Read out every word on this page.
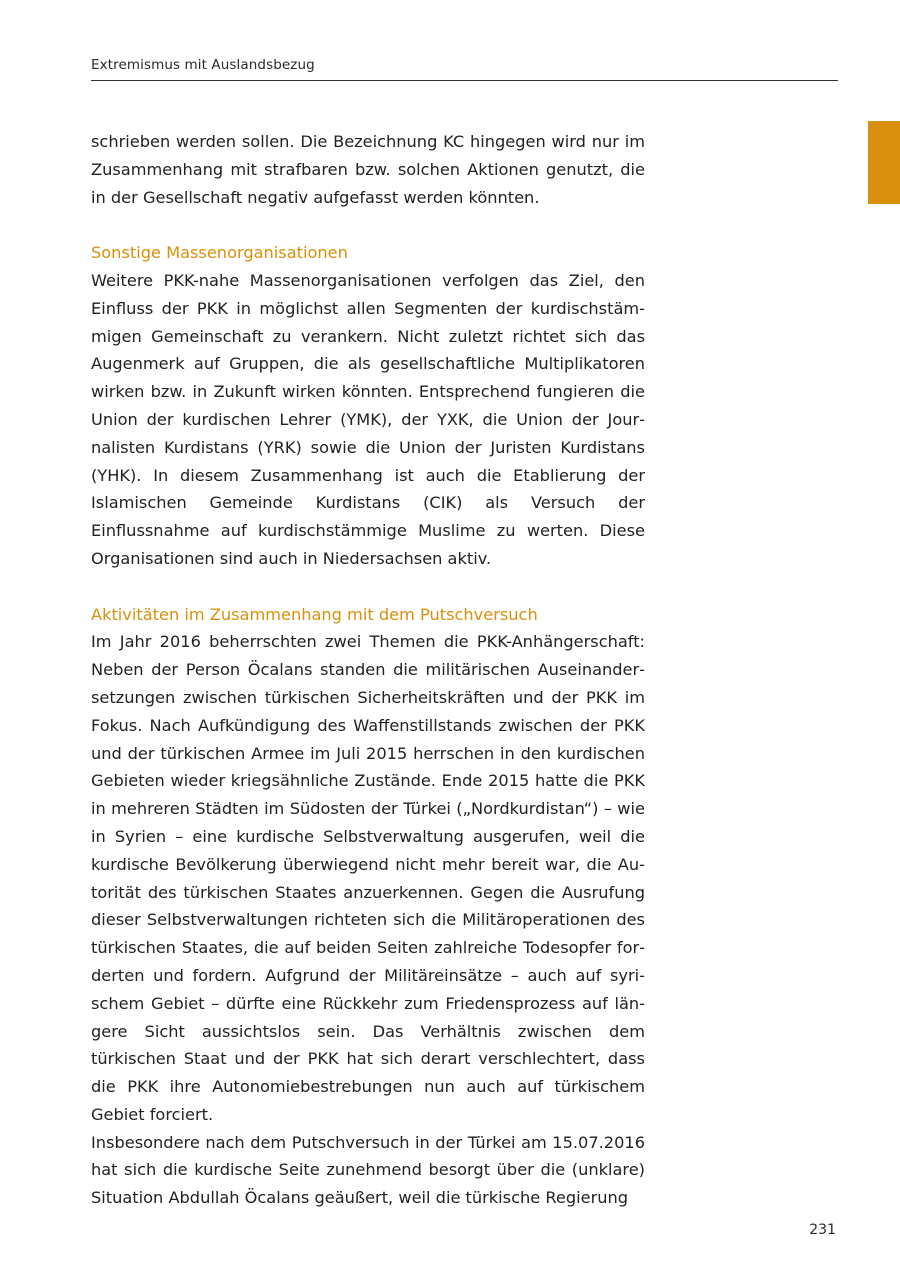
Extremismus mit Auslandsbezug

schrieben werden sollen. Die Bezeichnung KC hingegen wird nur im Zusammenhang mit strafbaren bzw. solchen Aktionen genutzt, die in der Gesellschaft negativ aufgefasst werden könnten.

Sonstige Massenorganisationen

Weitere PKK-nahe Massenorganisationen verfolgen das Ziel, den Einfluss der PKK in möglichst allen Segmenten der kurdischstämmigen Gemeinschaft zu verankern. Nicht zuletzt richtet sich das Augenmerk auf Gruppen, die als gesellschaftliche Multiplikatoren wirken bzw. in Zukunft wirken könnten. Entsprechend fungieren die Union der kurdischen Lehrer (YMK), der YXK, die Union der Journalisten Kurdistans (YRK) sowie die Union der Juristen Kurdistans (YHK). In diesem Zusammenhang ist auch die Etablierung der Islamischen Gemeinde Kurdistans (CIK) als Versuch der Einflussnahme auf kurdischstämmige Muslime zu werten. Diese Organisationen sind auch in Niedersachsen aktiv.

Aktivitäten im Zusammenhang mit dem Putschversuch

Im Jahr 2016 beherrschten zwei Themen die PKK-Anhängerschaft: Neben der Person Öcalans standen die militärischen Auseinandersetzungen zwischen türkischen Sicherheitskräften und der PKK im Fokus. Nach Aufkündigung des Waffenstillstands zwischen der PKK und der türkischen Armee im Juli 2015 herrschen in den kurdischen Gebieten wieder kriegsähnliche Zustände. Ende 2015 hatte die PKK in mehreren Städten im Südosten der Türkei („Nordkurdistan“) – wie in Syrien – eine kurdische Selbstverwaltung ausgerufen, weil die kurdische Bevölkerung überwiegend nicht mehr bereit war, die Autorität des türkischen Staates anzuerkennen. Gegen die Ausrufung dieser Selbstverwaltungen richteten sich die Militäroperationen des türkischen Staates, die auf beiden Seiten zahlreiche Todesopfer forderten und fordern. Aufgrund der Militäreinsätze – auch auf syrischem Gebiet – dürfte eine Rückkehr zum Friedensprozess auf längere Sicht aussichtslos sein. Das Verhältnis zwischen dem türkischen Staat und der PKK hat sich derart verschlechtert, dass die PKK ihre Autonomiebestrebungen nun auch auf türkischem Gebiet forciert.

Insbesondere nach dem Putschversuch in der Türkei am 15.07.2016 hat sich die kurdische Seite zunehmend besorgt über die (unklare) Situation Abdullah Öcalans geäußert, weil die türkische Regierung

231
